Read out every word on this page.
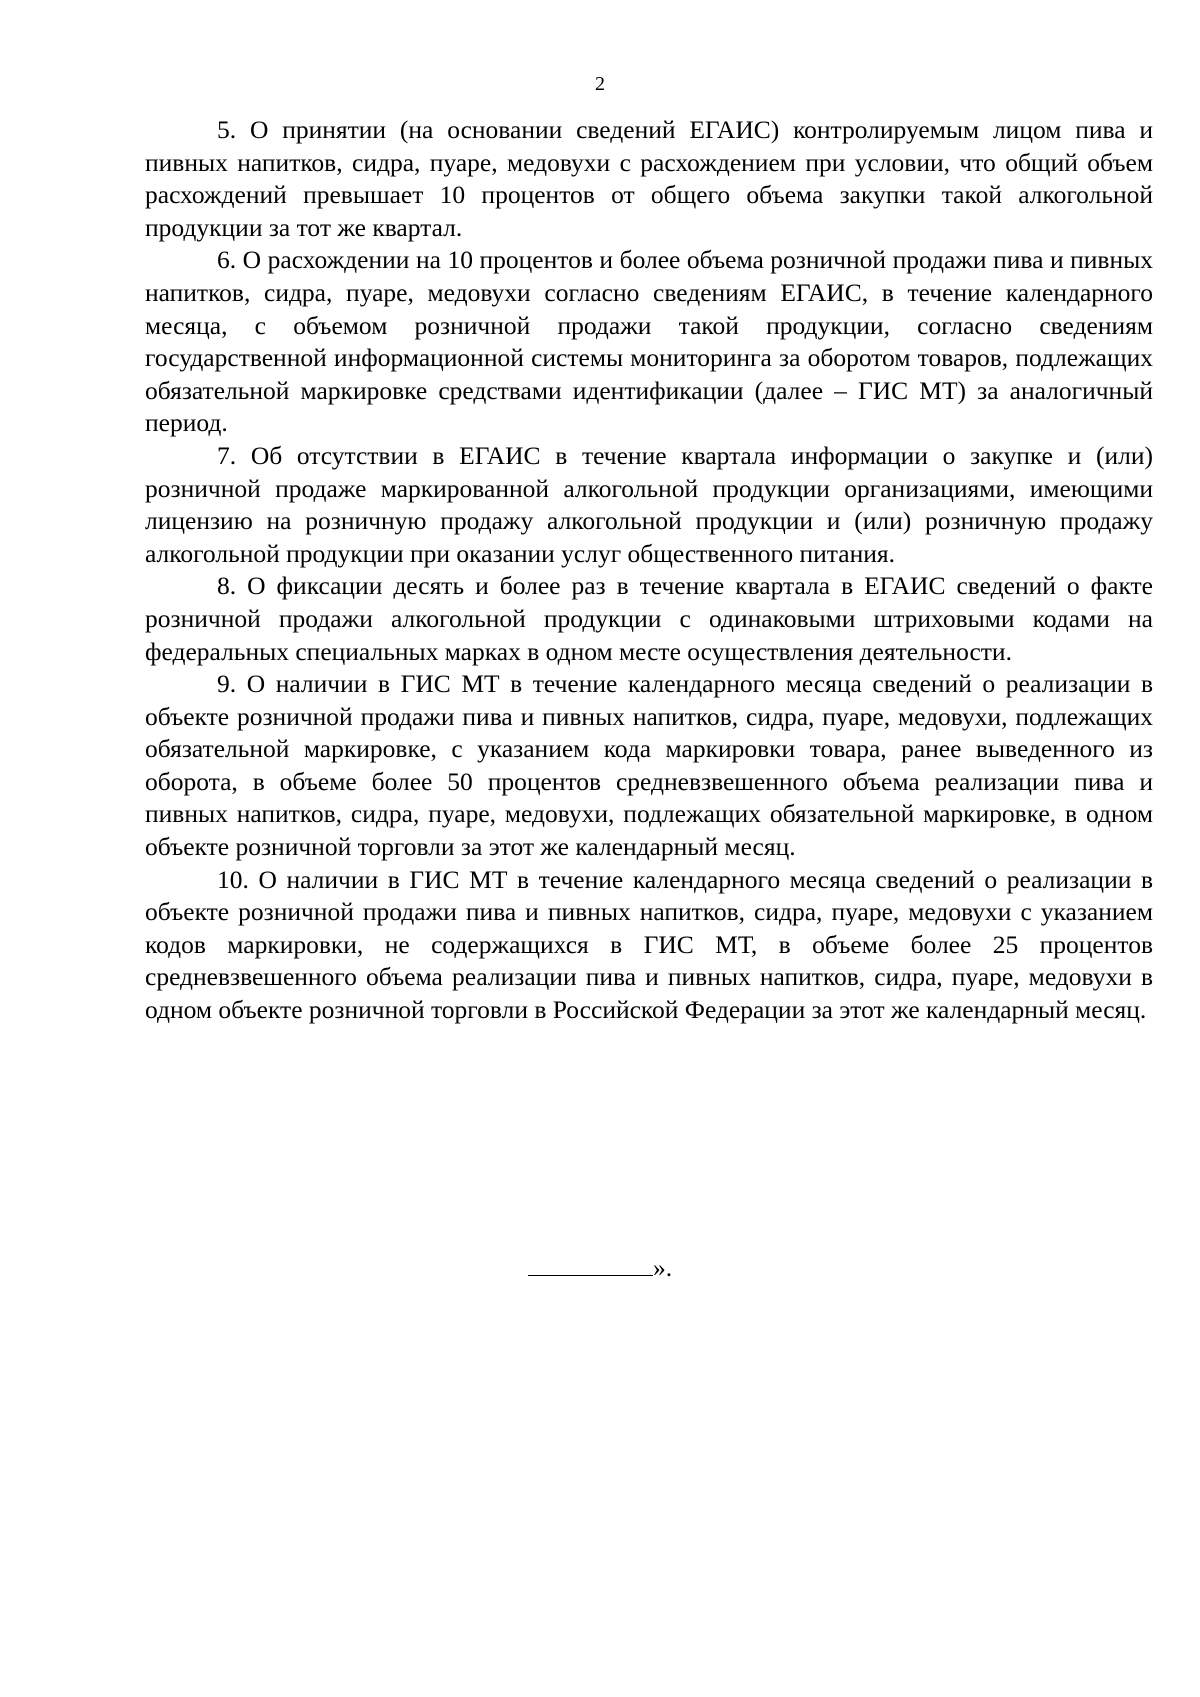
2

5. О принятии (на основании сведений ЕГАИС) контролируемым лицом пива и пивных напитков, сидра, пуаре, медовухи с расхождением при условии, что общий объем расхождений превышает 10 процентов от общего объема закупки такой алкогольной продукции за тот же квартал.

6. О расхождении на 10 процентов и более объема розничной продажи пива и пивных напитков, сидра, пуаре, медовухи согласно сведениям ЕГАИС, в течение календарного месяца, с объемом розничной продажи такой продукции, согласно сведениям государственной информационной системы мониторинга за оборотом товаров, подлежащих обязательной маркировке средствами идентификации (далее – ГИС МТ) за аналогичный период.

7. Об отсутствии в ЕГАИС в течение квартала информации о закупке и (или) розничной продаже маркированной алкогольной продукции организациями, имеющими лицензию на розничную продажу алкогольной продукции и (или) розничную продажу алкогольной продукции при оказании услуг общественного питания.

8. О фиксации десять и более раз в течение квартала в ЕГАИС сведений о факте розничной продажи алкогольной продукции с одинаковыми штриховыми кодами на федеральных специальных марках в одном месте осуществления деятельности.

9. О наличии в ГИС МТ в течение календарного месяца сведений о реализации в объекте розничной продажи пива и пивных напитков, сидра, пуаре, медовухи, подлежащих обязательной маркировке, с указанием кода маркировки товара, ранее выведенного из оборота, в объеме более 50 процентов средневзвешенного объема реализации пива и пивных напитков, сидра, пуаре, медовухи, подлежащих обязательной маркировке, в одном объекте розничной торговли за этот же календарный месяц.

10. О наличии в ГИС МТ в течение календарного месяца сведений о реализации в объекте розничной продажи пива и пивных напитков, сидра, пуаре, медовухи с указанием кодов маркировки, не содержащихся в ГИС МТ, в объеме более 25 процентов средневзвешенного объема реализации пива и пивных напитков, сидра, пуаре, медовухи в одном объекте розничной торговли в Российской Федерации за этот же календарный месяц.

».
